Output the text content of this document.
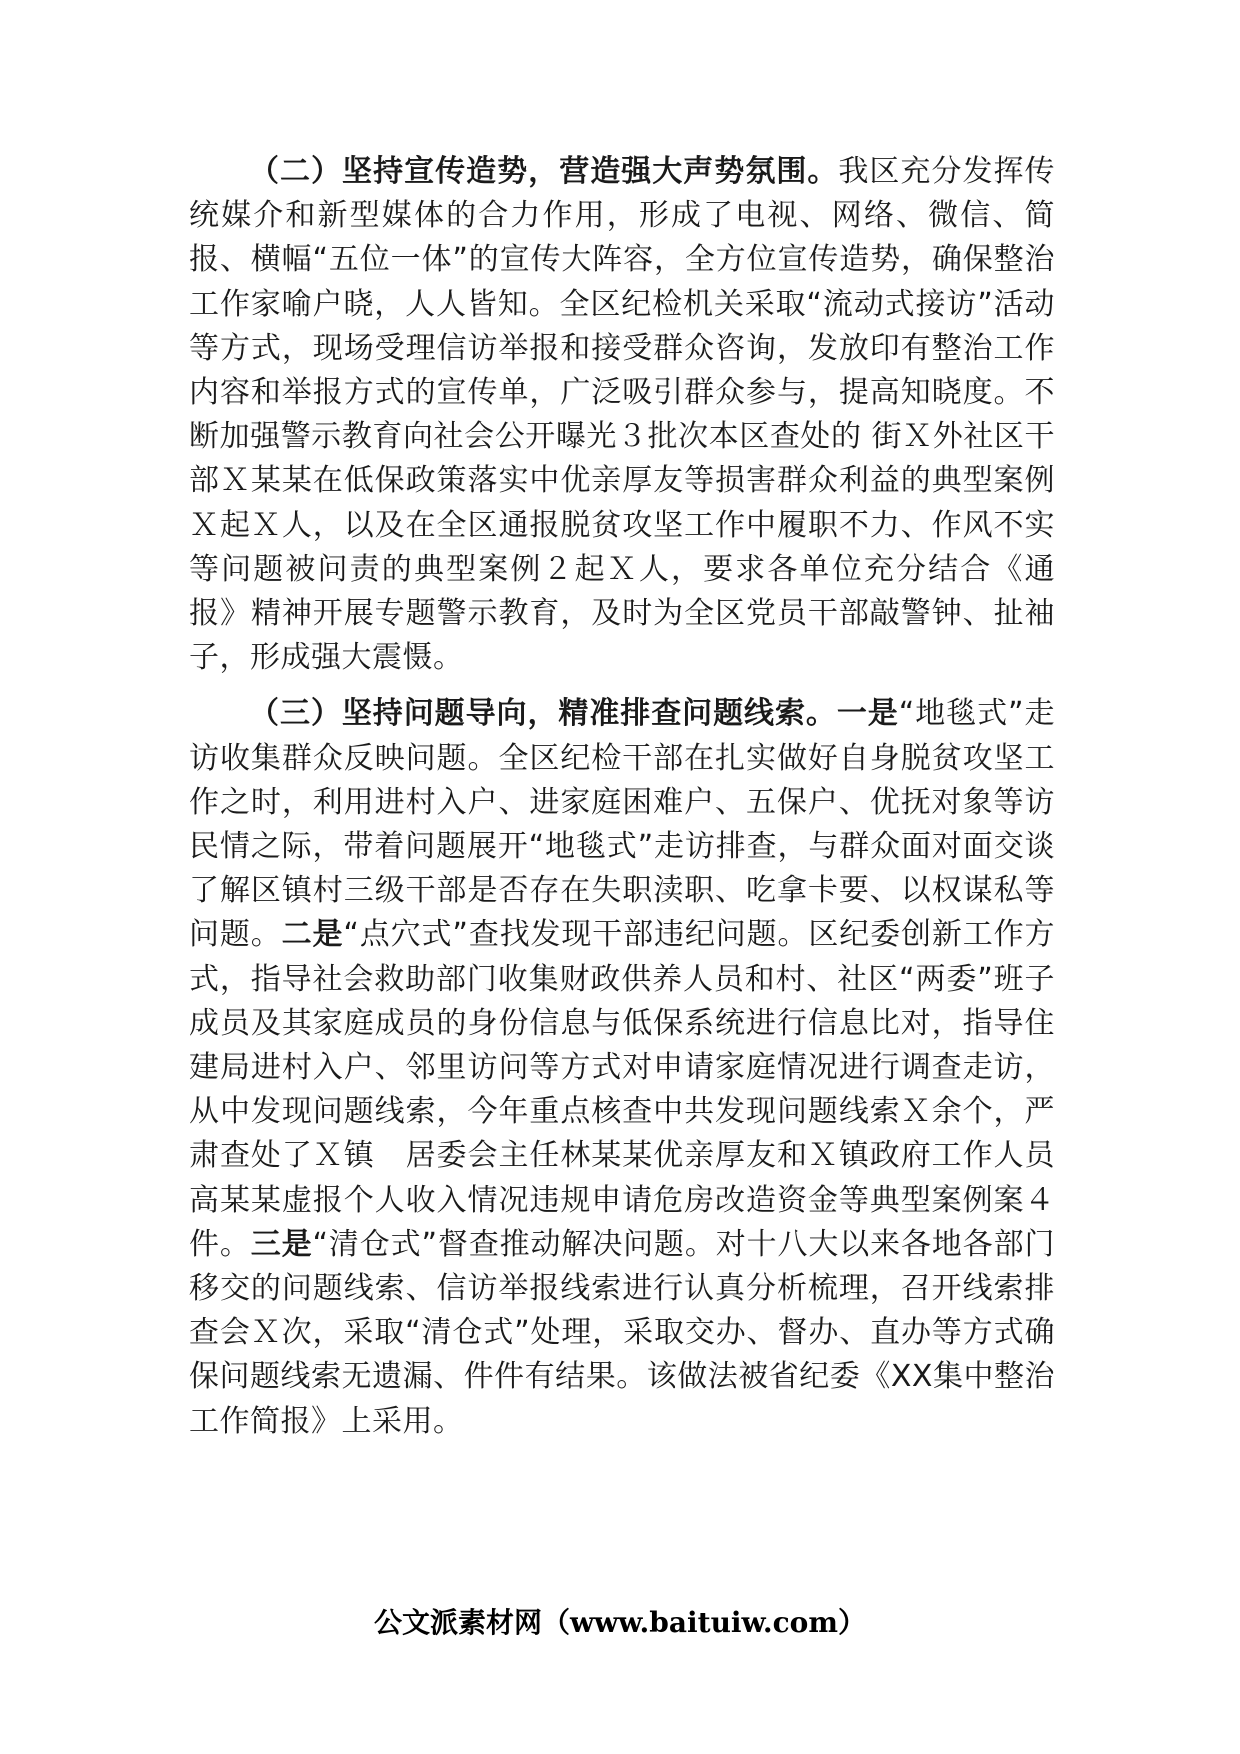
（二）坚持宣传造势，营造强大声势氛围。我区充分发挥传统媒介和新型媒体的合力作用，形成了电视、网络、微信、简报、横幅“五位一体”的宣传大阵容，全方位宣传造势，确保整治工作家喻户晓，人人皆知。全区纪检机关采取“流动式接访”活动等方式，现场受理信访举报和接受群众咨询，发放印有整治工作内容和举报方式的宣传单，广泛吸引群众参与，提高知晓度。不断加强警示教育向社会公开曝光３批次本区查处的 街Ｘ外社区干部Ｘ某某在低保政策落实中优亲厚友等损害群众利益的典型案例Ｘ起Ｘ人，以及在全区通报脱贫攻坚工作中履职不力、作风不实等问题被问责的典型案例２起Ｘ人，要求各单位充分结合《通报》精神开展专题警示教育，及时为全区党员干部敲警钟、扯袖子，形成强大震慑。

（三）坚持问题导向，精准排查问题线索。一是“地毯式”走访收集群众反映问题。全区纪检干部在扎实做好自身脱贫攻坚工作之时，利用进村入户、进家庭困难户、五保户、优抚对象等访民情之际，带着问题展开“地毯式”走访排查，与群众面对面交谈了解区镇村三级干部是否存在失职渎职、吃拿卡要、以权谋私等问题。二是“点穴式”查找发现干部违纪问题。区纪委创新工作方式，指导社会救助部门收集财政供养人员和村、社区“两委”班子成员及其家庭成员的身份信息与低保系统进行信息比对，指导住建局进村入户、邻里访问等方式对申请家庭情况进行调查走访，从中发现问题线索，今年重点核查中共发现问题线索Ｘ余个，严肃查处了Ｘ镇　居委会主任林某某优亲厚友和Ｘ镇政府工作人员高某某虚报个人收入情况违规申请危房改造资金等典型案例案４件。三是“清仓式”督查推动解决问题。对十八大以来各地各部门移交的问题线索、信访举报线索进行认真分析梳理，召开线索排查会Ｘ次，采取“清仓式”处理，采取交办、督办、直办等方式确保问题线索无遗漏、件件有结果。该做法被省纪委《XX集中整治工作简报》上采用。

公文派素材网（www.baituiw.com）
